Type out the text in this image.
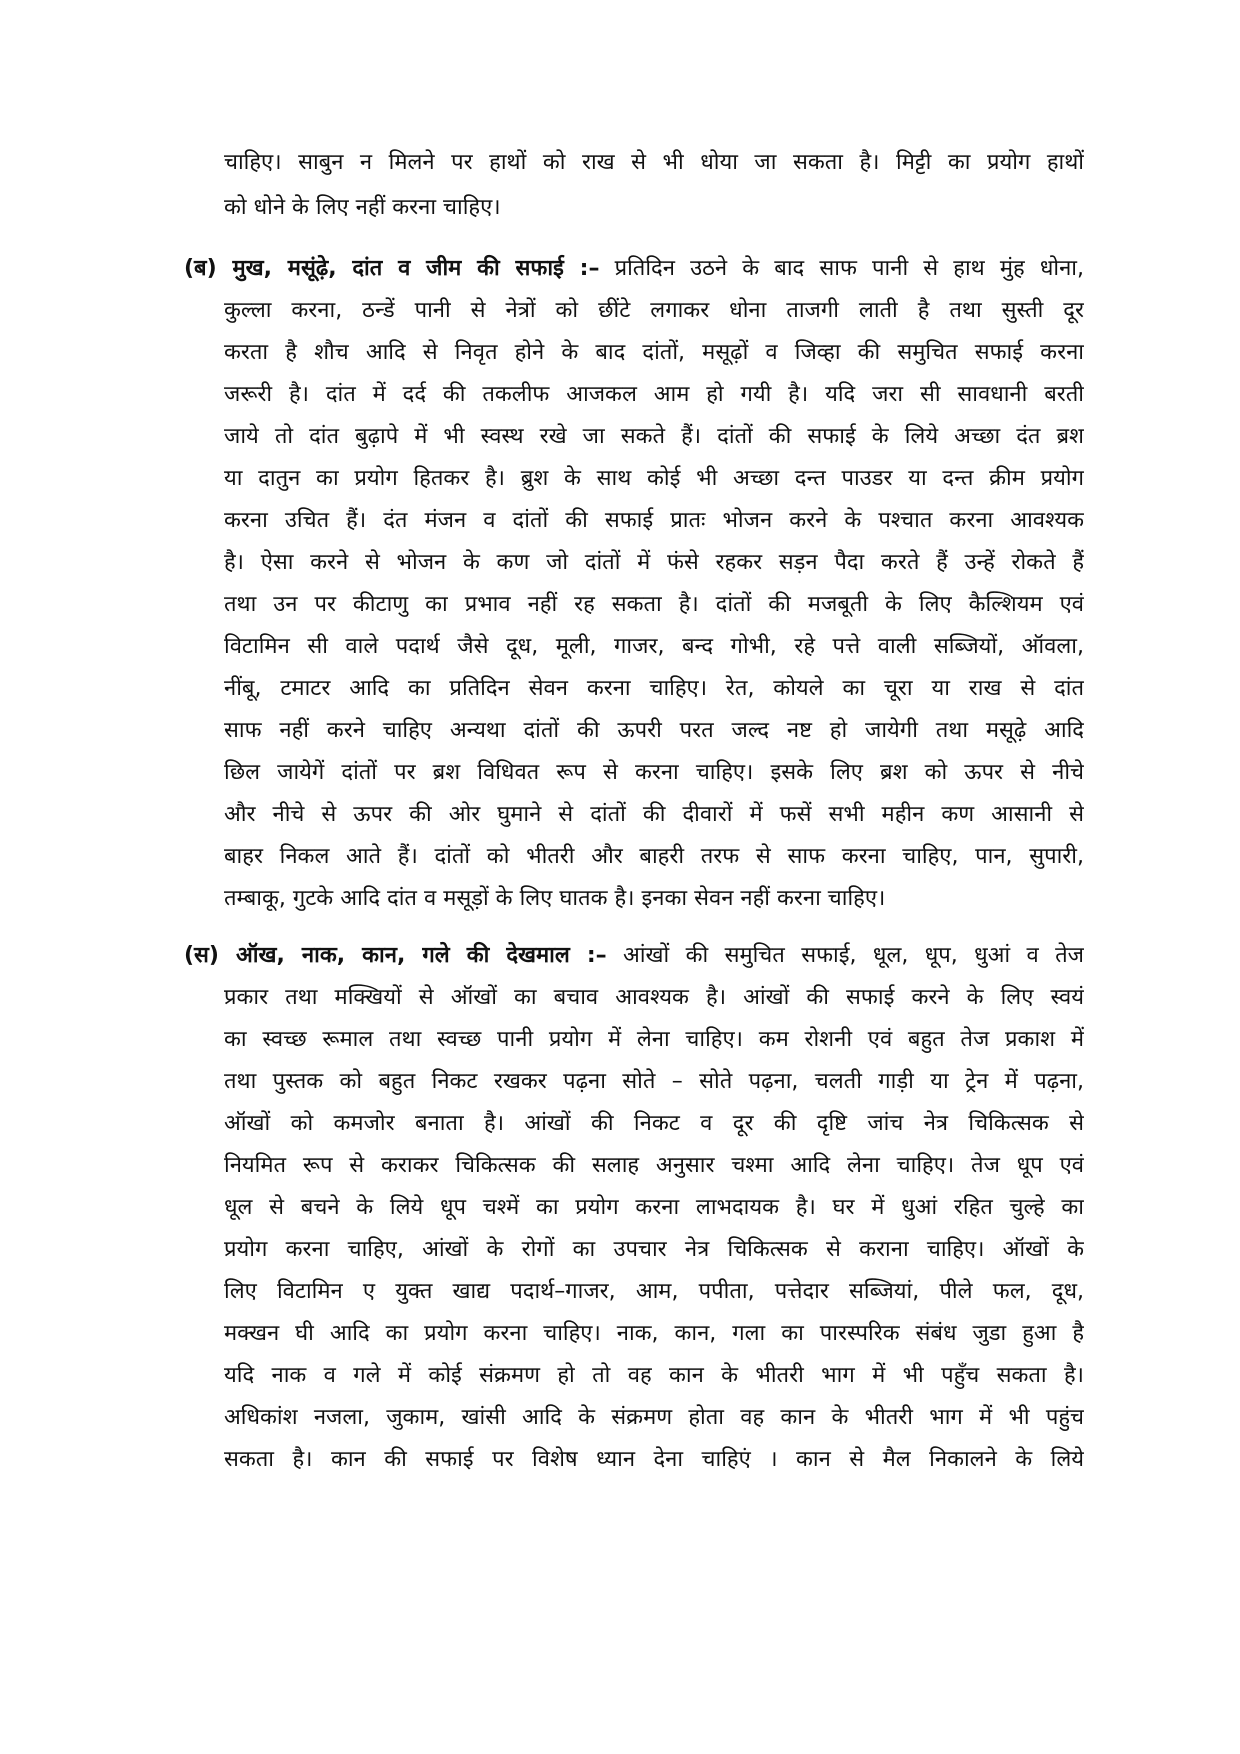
चाहिए। साबुन न मिलने पर हाथों को राख से भी धोया जा सकता है। मिट्टी का प्रयोग हाथों
को धोने के लिए नहीं करना चाहिए।
(ब) मुख, मसूंढ़े, दांत व जीम की सफाई :– प्रतिदिन उठने के बाद साफ पानी से हाथ मुंह धोना,
कुल्ला करना, ठन्डें पानी से नेत्रों को छींटे लगाकर धोना ताजगी लाती है तथा सुस्ती दूर
करता है शौच आदि से निवृत होने के बाद दांतों, मसूढ़ों व जिव्हा की समुचित सफाई करना
जरूरी है। दांत में दर्द की तकलीफ आजकल आम हो गयी है। यदि जरा सी सावधानी बरती
जाये तो दांत बुढ़ापे में भी स्वस्थ रखे जा सकते हैं। दांतों की सफाई के लिये अच्छा दंत ब्रश
या दातुन का प्रयोग हितकर है। ब्रुश के साथ कोई भी अच्छा दन्त पाउडर या दन्त क्रीम प्रयोग
करना उचित हैं। दंत मंजन व दांतों की सफाई प्रातः भोजन करने के पश्चात करना आवश्यक
है। ऐसा करने से भोजन के कण जो दांतों में फंसे रहकर सड़न पैदा करते हैं उन्हें रोकते हैं
तथा उन पर कीटाणु का प्रभाव नहीं रह सकता है। दांतों की मजबूती के लिए कैल्शियम एवं
विटामिन सी वाले पदार्थ जैसे दूध, मूली, गाजर, बन्द गोभी, रहे पत्ते वाली सब्जियों, ऑवला,
नींबू, टमाटर आदि का प्रतिदिन सेवन करना चाहिए। रेत, कोयले का चूरा या राख से दांत
साफ नहीं करने चाहिए अन्यथा दांतों की ऊपरी परत जल्द नष्ट हो जायेगी तथा मसूढ़े आदि
छिल जायेगें दांतों पर ब्रश विधिवत रूप से करना चाहिए। इसके लिए ब्रश को ऊपर से नीचे
और नीचे से ऊपर की ओर घुमाने से दांतों की दीवारों में फसें सभी महीन कण आसानी से
बाहर निकल आते हैं। दांतों को भीतरी और बाहरी तरफ से साफ करना चाहिए, पान, सुपारी,
तम्बाकू, गुटके आदि दांत व मसूड़ों के लिए घातक है। इनका सेवन नहीं करना चाहिए।
(स) ऑख, नाक, कान, गले की देखमाल :– आंखों की समुचित सफाई, धूल, धूप, धुआं व तेज
प्रकार तथा मक्खियों से ऑखों का बचाव आवश्यक है। आंखों की सफाई करने के लिए स्वयं
का स्वच्छ रूमाल तथा स्वच्छ पानी प्रयोग में लेना चाहिए। कम रोशनी एवं बहुत तेज प्रकाश में
तथा पुस्तक को बहुत निकट रखकर पढ़ना सोते – सोते पढ़ना, चलती गाड़ी या ट्रेन में पढ़ना,
ऑखों को कमजोर बनाता है। आंखों की निकट व दूर की दृष्टि जांच नेत्र चिकित्सक से
नियमित रूप से कराकर चिकित्सक की सलाह अनुसार चश्मा आदि लेना चाहिए। तेज धूप एवं
धूल से बचने के लिये धूप चश्में का प्रयोग करना लाभदायक है। घर में धुआं रहित चुल्हे का
प्रयोग करना चाहिए, आंखों के रोगों का उपचार नेत्र चिकित्सक से कराना चाहिए। ऑखों के
लिए विटामिन ए युक्त खाद्य पदार्थ–गाजर, आम, पपीता, पत्तेदार सब्जियां, पीले फल, दूध,
मक्खन घी आदि का प्रयोग करना चाहिए। नाक, कान, गला का पारस्परिक संबंध जुडा हुआ है
यदि नाक व गले में कोई संक्रमण हो तो वह कान के भीतरी भाग में भी पहुँच सकता है।
अधिकांश नजला, जुकाम, खांसी आदि के संक्रमण होता वह कान के भीतरी भाग में भी पहुंच
सकता है। कान की सफाई पर विशेष ध्यान देना चाहिएं । कान से मैल निकालने के लिये
